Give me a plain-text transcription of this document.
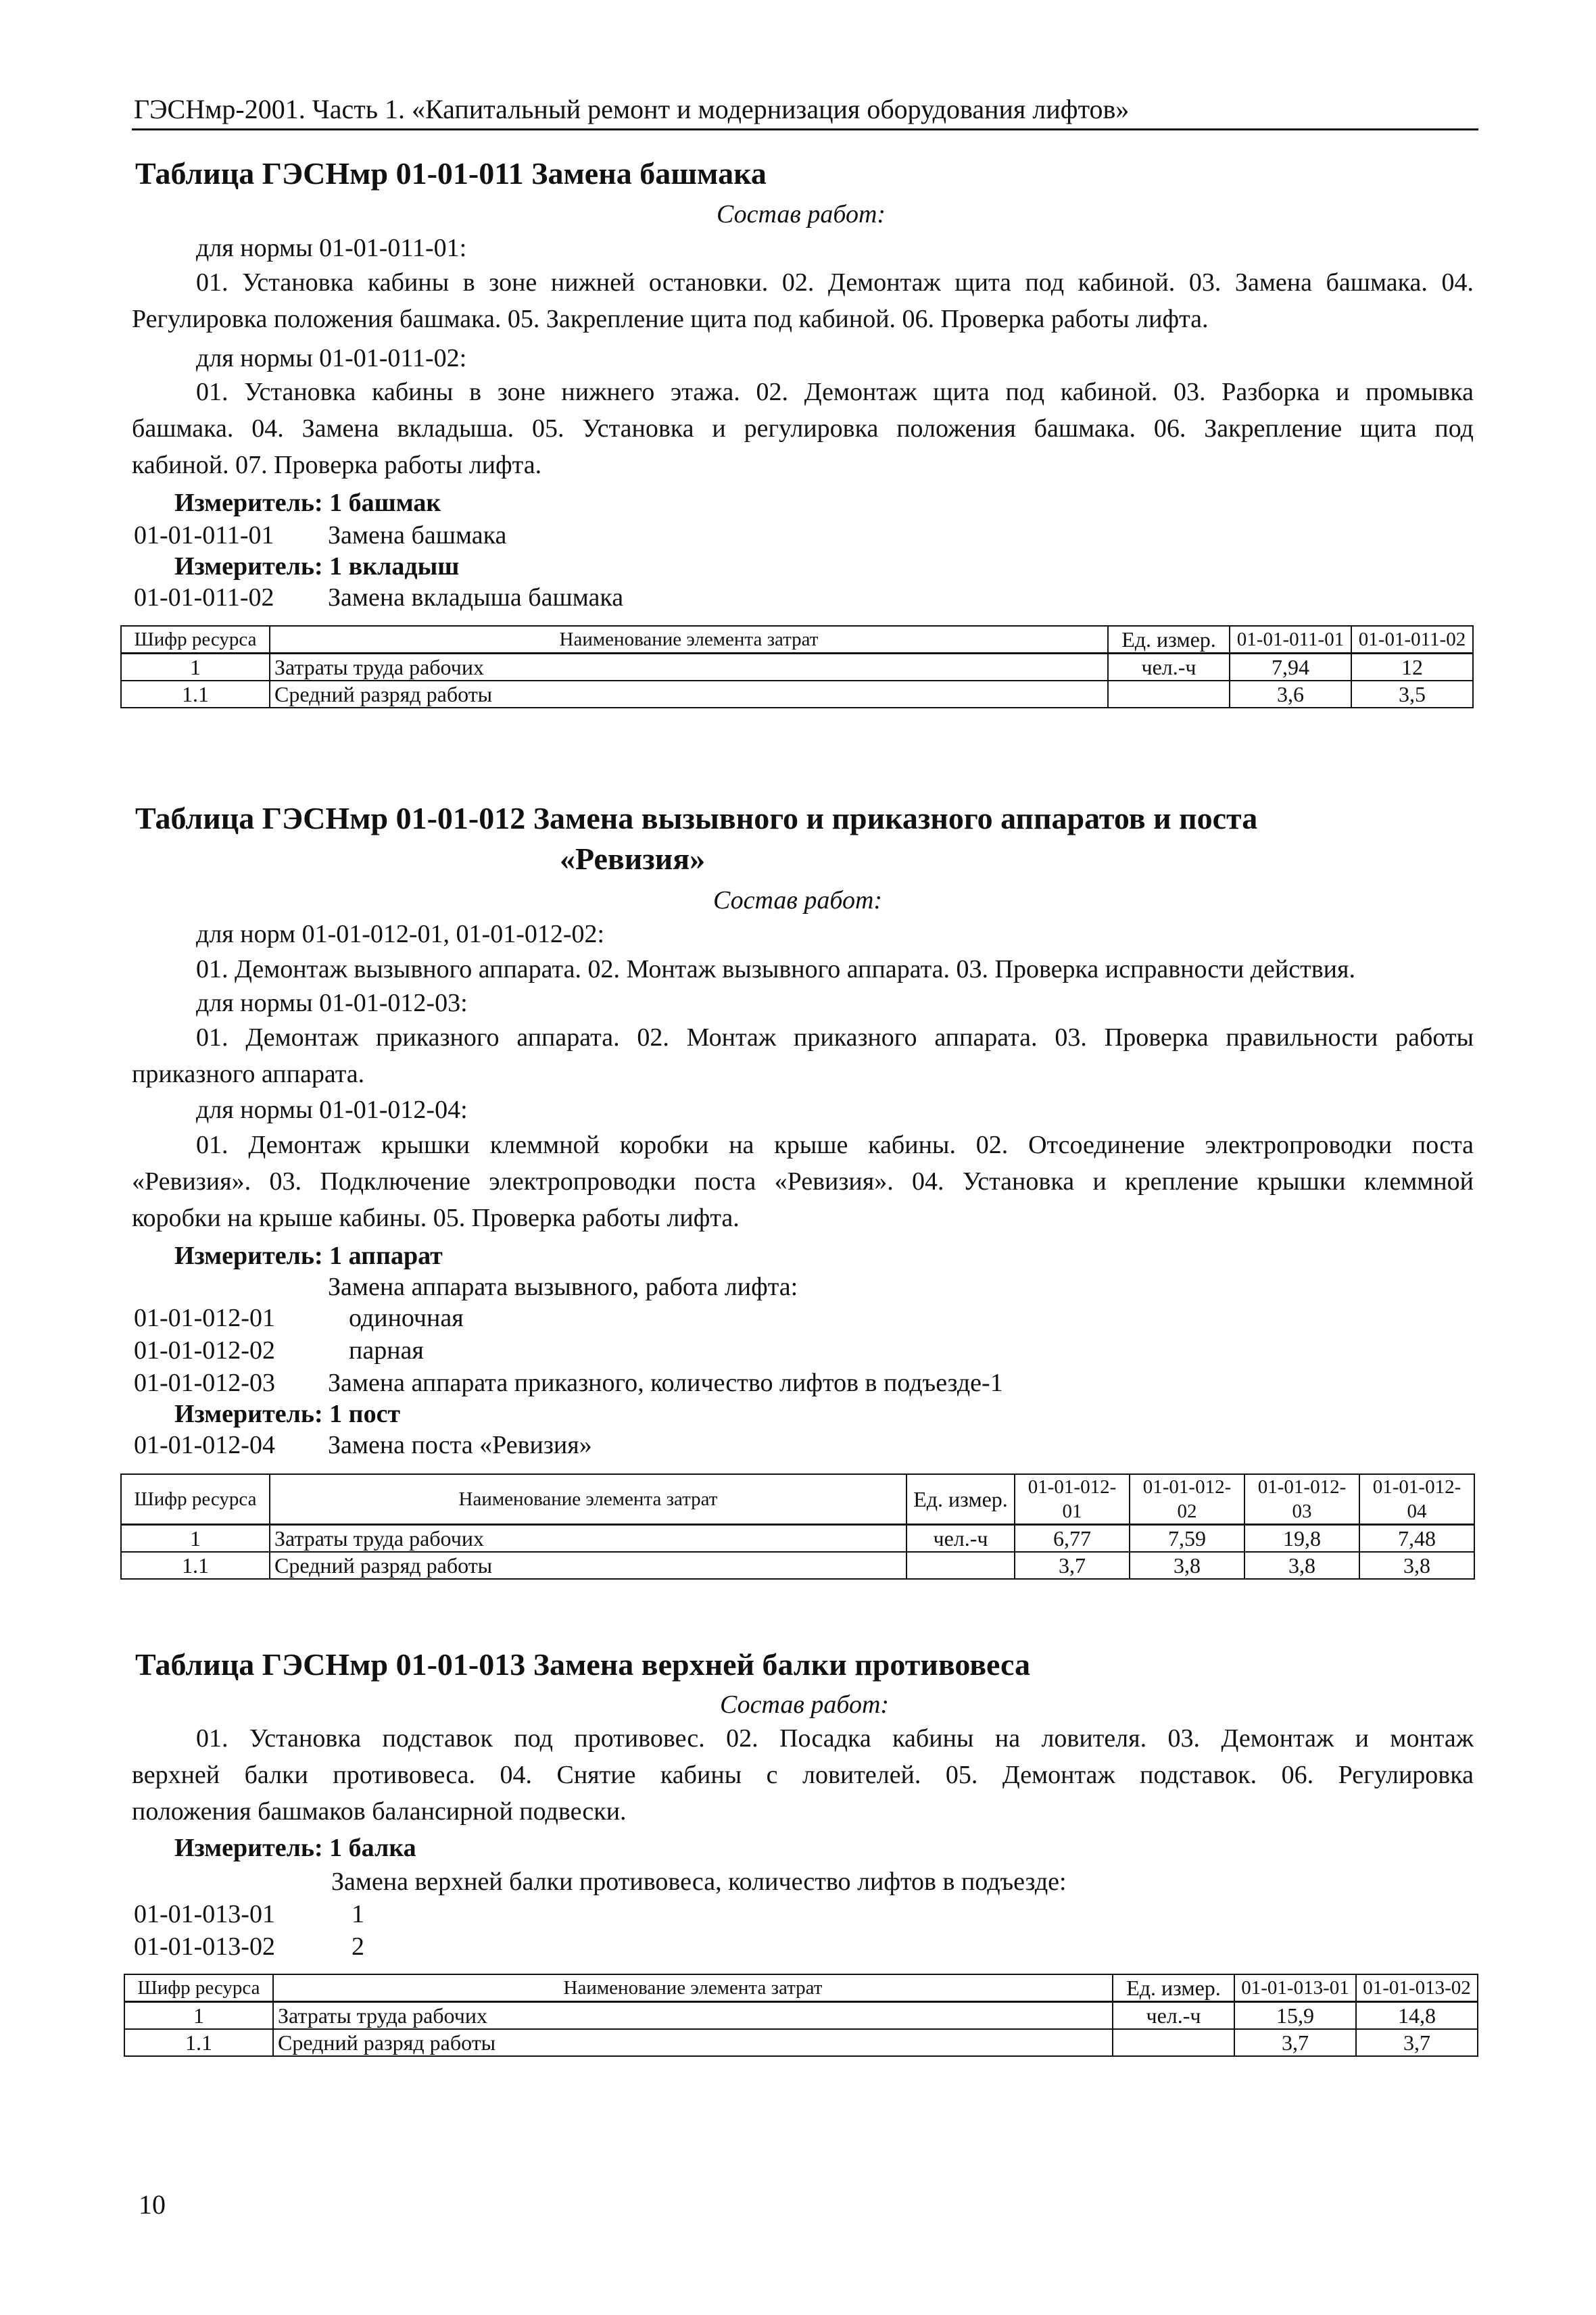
ГЭСНмр-2001. Часть 1. «Капитальный ремонт и модернизация оборудования лифтов»
Таблица ГЭСНмр 01-01-011 Замена башмака
Состав работ:
для нормы 01-01-011-01:
01. Установка кабины в зоне нижней остановки. 02. Демонтаж щита под кабиной. 03. Замена башмака. 04.
Регулировка положения башмака. 05. Закрепление щита под кабиной. 06. Проверка работы лифта.
для нормы 01-01-011-02:
01. Установка кабины в зоне нижнего этажа. 02. Демонтаж щита под кабиной. 03. Разборка и промывка
башмака. 04. Замена вкладыша. 05. Установка и регулировка положения башмака. 06. Закрепление щита под
кабиной. 07. Проверка работы лифта.
Измеритель: 1 башмак
01-01-011-01 Замена башмака
Измеритель: 1 вкладыш
01-01-011-02 Замена вкладыша башмака
Шифр ресурса	Наименование элемента затрат	Ед. измер.	01-01-011-01	01-01-011-02
1	Затраты труда рабочих	чел.-ч	7,94	12
1.1	Средний разряд работы		3,6	3,5
Таблица ГЭСНмр 01-01-012 Замена вызывного и приказного аппаратов и поста
«Ревизия»
Состав работ:
для норм 01-01-012-01, 01-01-012-02:
01. Демонтаж вызывного аппарата. 02. Монтаж вызывного аппарата. 03. Проверка исправности действия.
для нормы 01-01-012-03:
01. Демонтаж приказного аппарата. 02. Монтаж приказного аппарата. 03. Проверка правильности работы
приказного аппарата.
для нормы 01-01-012-04:
01. Демонтаж крышки клеммной коробки на крыше кабины. 02. Отсоединение электропроводки поста
«Ревизия». 03. Подключение электропроводки поста «Ревизия». 04. Установка и крепление крышки клеммной
коробки на крыше кабины. 05. Проверка работы лифта.
Измеритель: 1 аппарат
Замена аппарата вызывного, работа лифта:
01-01-012-01	одиночная
01-01-012-02	парная
01-01-012-03 Замена аппарата приказного, количество лифтов в подъезде-1
Измеритель: 1 пост
01-01-012-04 Замена поста «Ревизия»
Шифр ресурса	Наименование элемента затрат	Ед. измер.	01-01-012-01	01-01-012-02	01-01-012-03	01-01-012-04
1	Затраты труда рабочих	чел.-ч	6,77	7,59	19,8	7,48
1.1	Средний разряд работы		3,7	3,8	3,8	3,8
Таблица ГЭСНмр 01-01-013 Замена верхней балки противовеса
Состав работ:
01. Установка подставок под противовес. 02. Посадка кабины на ловителя. 03. Демонтаж и монтаж
верхней балки противовеса. 04. Снятие кабины с ловителей. 05. Демонтаж подставок. 06. Регулировка
положения башмаков балансирной подвески.
Измеритель: 1 балка
Замена верхней балки противовеса, количество лифтов в подъезде:
01-01-013-01	1
01-01-013-02	2
Шифр ресурса	Наименование элемента затрат	Ед. измер.	01-01-013-01	01-01-013-02
1	Затраты труда рабочих	чел.-ч	15,9	14,8
1.1	Средний разряд работы		3,7	3,7
10
